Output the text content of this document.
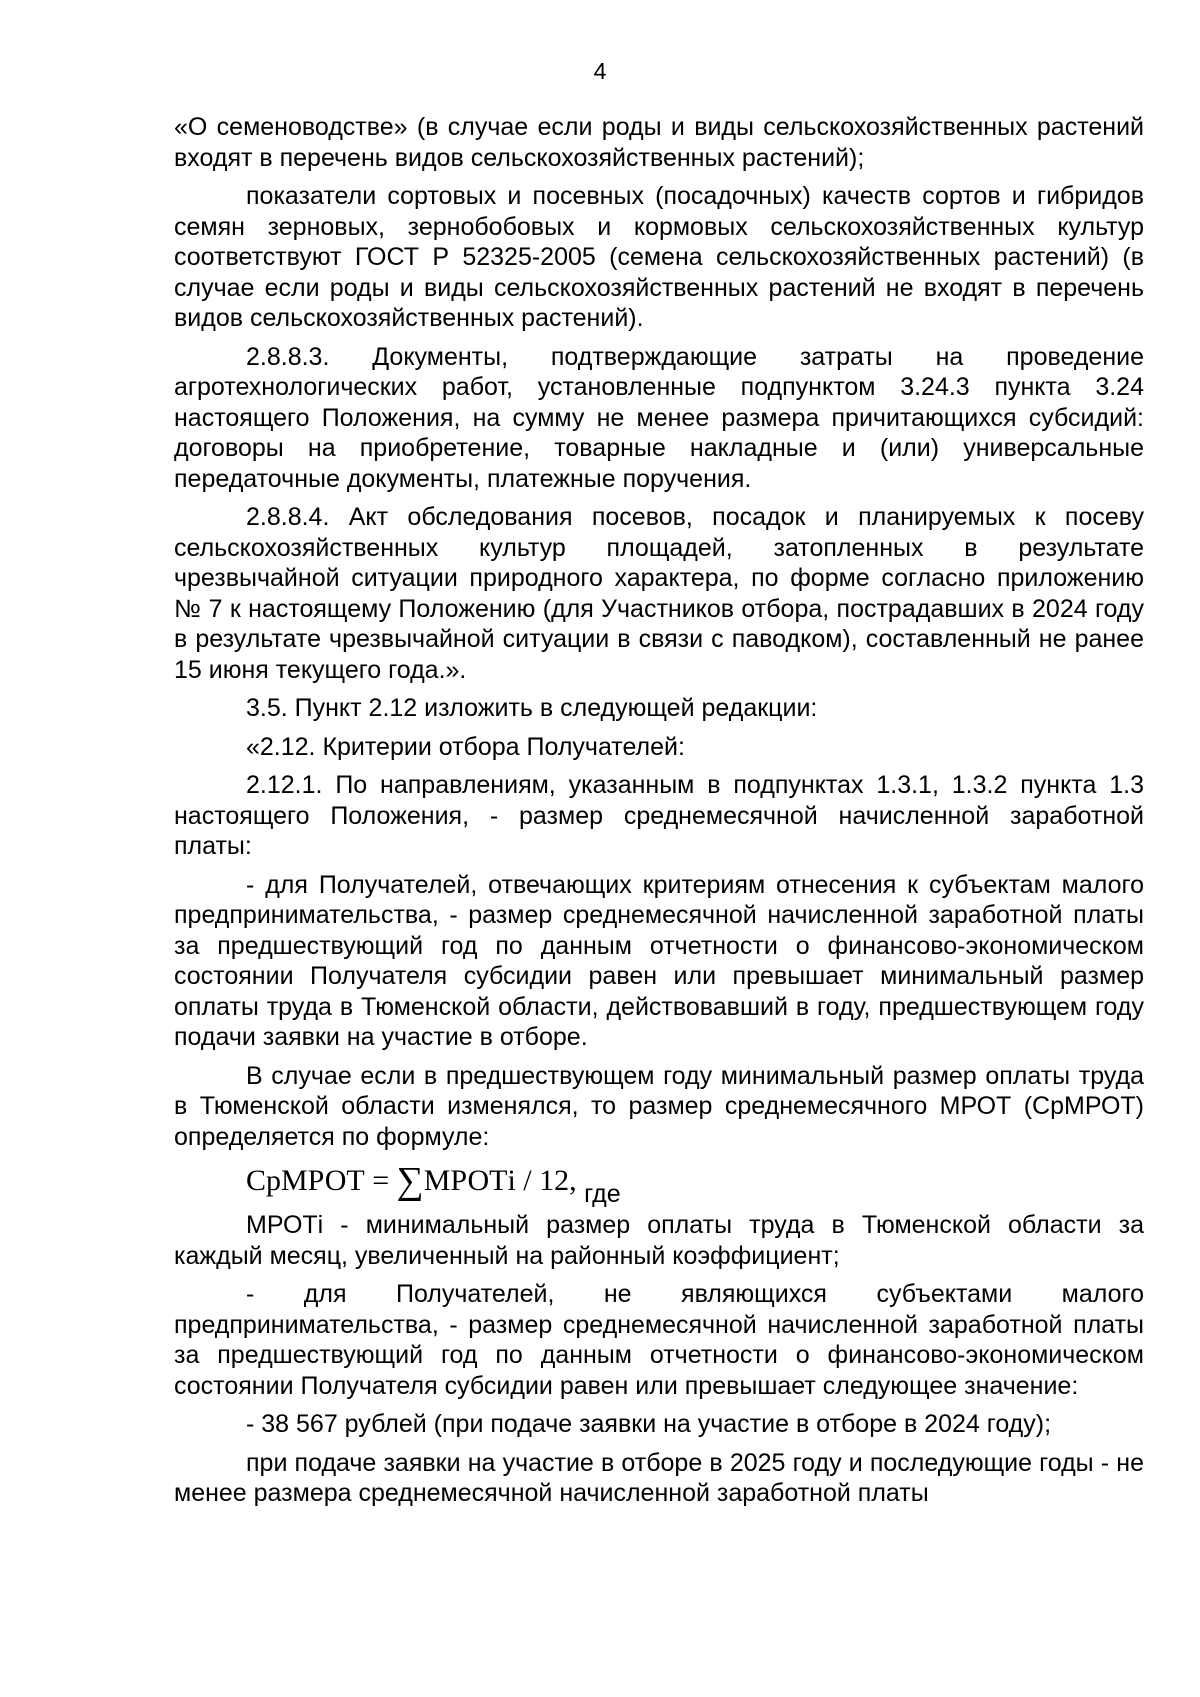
4

«О семеноводстве» (в случае если роды и виды сельскохозяйственных растений входят в перечень видов сельскохозяйственных растений);

показатели сортовых и посевных (посадочных) качеств сортов и гибридов семян зерновых, зернобобовых и кормовых сельскохозяйственных культур соответствуют ГОСТ Р 52325-2005 (семена сельскохозяйственных растений) (в случае если роды и виды сельскохозяйственных растений не входят в перечень видов сельскохозяйственных растений).

2.8.8.3. Документы, подтверждающие затраты на проведение агротехнологических работ, установленные подпунктом 3.24.3 пункта 3.24 настоящего Положения, на сумму не менее размера причитающихся субсидий: договоры на приобретение, товарные накладные и (или) универсальные передаточные документы, платежные поручения.

2.8.8.4. Акт обследования посевов, посадок и планируемых к посеву сельскохозяйственных культур площадей, затопленных в результате чрезвычайной ситуации природного характера, по форме согласно приложению № 7 к настоящему Положению (для Участников отбора, пострадавших в 2024 году в результате чрезвычайной ситуации в связи с паводком), составленный не ранее 15 июня текущего года.».

3.5. Пункт 2.12 изложить в следующей редакции:

«2.12. Критерии отбора Получателей:

2.12.1. По направлениям, указанным в подпунктах 1.3.1, 1.3.2 пункта 1.3 настоящего Положения, - размер среднемесячной начисленной заработной платы:

- для Получателей, отвечающих критериям отнесения к субъектам малого предпринимательства, - размер среднемесячной начисленной заработной платы за предшествующий год по данным отчетности о финансово-экономическом состоянии Получателя субсидии равен или превышает минимальный размер оплаты труда в Тюменской области, действовавший в году, предшествующем году подачи заявки на участие в отборе.

В случае если в предшествующем году минимальный размер оплаты труда в Тюменской области изменялся, то размер среднемесячного МРОТ (СрМРОТ) определяется по формуле:

СрМРОТ = ∑МРОТi / 12, $_{где}$

МРОТi - минимальный размер оплаты труда в Тюменской области за каждый месяц, увеличенный на районный коэффициент;

- для Получателей, не являющихся субъектами малого предпринимательства, - размер среднемесячной начисленной заработной платы за предшествующий год по данным отчетности о финансово-экономическом состоянии Получателя субсидии равен или превышает следующее значение:

- 38 567 рублей (при подаче заявки на участие в отборе в 2024 году);

при подаче заявки на участие в отборе в 2025 году и последующие годы - не менее размера среднемесячной начисленной заработной платы
